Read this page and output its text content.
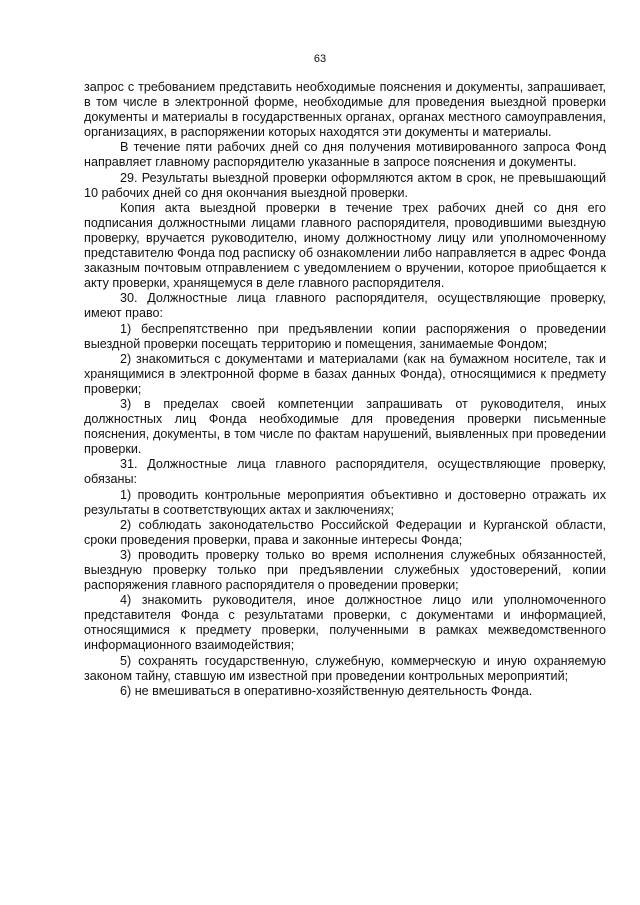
63

запрос с требованием представить необходимые пояснения и документы, запрашивает, в том числе в электронной форме, необходимые для проведения выездной проверки документы и материалы в государственных органах, органах местного самоуправления, организациях, в распоряжении которых находятся эти документы и материалы.

В течение пяти рабочих дней со дня получения мотивированного запроса Фонд направляет главному распорядителю указанные в запросе пояснения и документы.

29. Результаты выездной проверки оформляются актом в срок, не превышающий 10 рабочих дней со дня окончания выездной проверки.

Копия акта выездной проверки в течение трех рабочих дней со дня его подписания должностными лицами главного распорядителя, проводившими выездную проверку, вручается руководителю, иному должностному лицу или уполномоченному представителю Фонда под расписку об ознакомлении либо направляется в адрес Фонда заказным почтовым отправлением с уведомлением о вручении, которое приобщается к акту проверки, хранящемуся в деле главного распорядителя.

30. Должностные лица главного распорядителя, осуществляющие проверку, имеют право:

1) беспрепятственно при предъявлении копии распоряжения о проведении выездной проверки посещать территорию и помещения, занимаемые Фондом;

2) знакомиться с документами и материалами (как на бумажном носителе, так и хранящимися в электронной форме в базах данных Фонда), относящимися к предмету проверки;

3) в пределах своей компетенции запрашивать от руководителя, иных должностных лиц Фонда необходимые для проведения проверки письменные пояснения, документы, в том числе по фактам нарушений, выявленных при проведении проверки.

31. Должностные лица главного распорядителя, осуществляющие проверку, обязаны:

1) проводить контрольные мероприятия объективно и достоверно отражать их результаты в соответствующих актах и заключениях;

2) соблюдать законодательство Российской Федерации и Курганской области, сроки проведения проверки, права и законные интересы Фонда;

3) проводить проверку только во время исполнения служебных обязанностей, выездную проверку только при предъявлении служебных удостоверений, копии распоряжения главного распорядителя о проведении проверки;

4) знакомить руководителя, иное должностное лицо или уполномоченного представителя Фонда с результатами проверки, с документами и информацией, относящимися к предмету проверки, полученными в рамках межведомственного информационного взаимодействия;

5) сохранять государственную, служебную, коммерческую и иную охраняемую законом тайну, ставшую им известной при проведении контрольных мероприятий;

6) не вмешиваться в оперативно-хозяйственную деятельность Фонда.
